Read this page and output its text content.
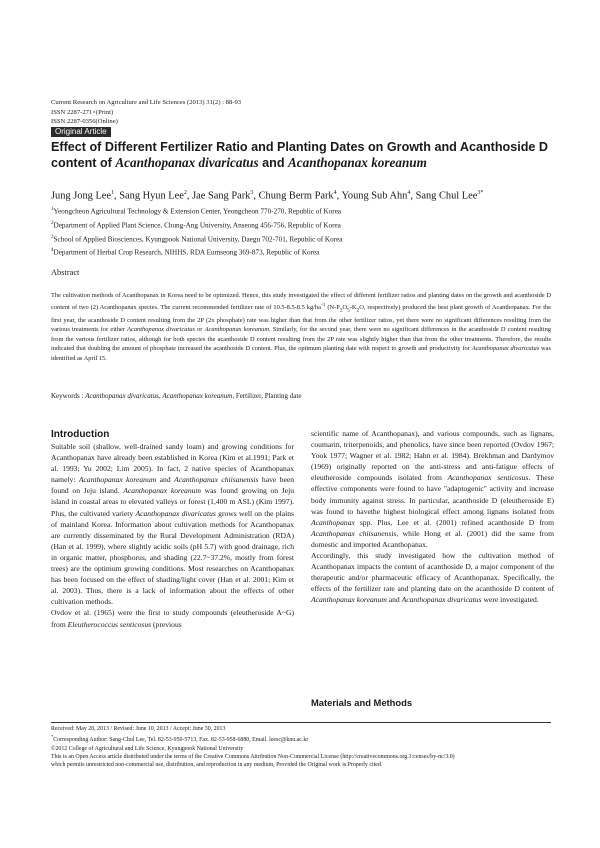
Current Research on Agriculture and Life Sciences (2013) 31(2) : 88-93
ISSN 2287-271×(Print)
ISSN 2287-0356(Online)
Original Article
Effect of Different Fertilizer Ratio and Planting Dates on Growth and Acanthoside D content of Acanthopanax divaricatus and Acanthopanax koreanum
Jung Jong Lee$^1$, Sang Hyun Lee$^2$, Jae Sang Park$^3$, Chung Berm Park$^4$, Young Sub Ahn$^4$, Sang Chul Lee$^{3*}$
$^1$Yeongcheon Agricultural Technology & Extension Center, Yeongcheon 770-270, Republic of Korea
$^2$Department of Applied Plant Science, Chung-Ang University, Anseong 456-756, Republic of Korea
$^3$School of Applied Biosciences, Kyungpook National University, Daegu 702-701, Republic of Korea
$^4$Department of Herbal Crop Research, NIHHS, RDA Eumseong 369-873, Republic of Korea
Abstract

The cultivation methods of Acanthopanax in Korea need to be optimized. Hence, this study investigated the effect of different fertilizer ratios and planting dates on the growth and acanthoside D content of two (2) Acanthopanax species. The current recommended fertilizer rate of 10.5-8.5-8.5 $kg/ha^{-1}$ ($N-P_2O_5-K_2O$, respectively) produced the best plant growth of Acanthopanax. For the first year, the acanthoside D content resulting from the 2P (2x phosphate) rate was higher than that from the other fertilizer ratios, yet there were no significant differences resulting from the various treatments for either Acanthopanax divaricatus or Acanthopanax koreanum. Similarly, for the second year, there were no significant differences in the acanthoside D content resulting from the various fertilizer ratios, although for both species the acanthoside D content resulting from the 2P rate was slightly higher than that from the other treatments. Therefore, the results indicated that doubling the amount of phosphate increased the acanthoside D content. Plus, the optimum planting date with respect to growth and productivity for Acanthopanax divaricatus was identified as April 15.

Keywords : Acanthopanax divaricatus, Acanthopanax koreanum, Fertilizer, Planting date
Introduction

Suitable soil (shallow, well-drained sandy loam) and growing conditions for Acanthopanax have already been established in Korea (Kim et al.1991; Park et al. 1993; Yu 2002; Lim 2005). In fact, 2 native species of Acanthopanax namely: Acanthopanax koreanum and Acanthopanax chiisanensis have been found on Jeju island. Acanthopanax koreanum was found growing on Jeju island in coastal areas to elevated valleys or forest (1,400 m ASL) (Kim 1997). Plus, the cultivated variety Acanthopanax divaricatus grows well on the plains of mainland Korea. Information about cultivation methods for Acanthopanax are currently disseminated by the Rural Development Administration (RDA) (Han et al. 1999), where slightly acidic soils (pH 5.7) with good drainage, rich in organic matter, phosphorus, and shading (22.7~37.2%, mostly from forest trees) are the optimum growing conditions. Most researches on Acanthopanax has been focused on the effect of shading/light cover (Han et al. 2001; Kim et al. 2003). Thus, there is a lack of information about the effects of other cultivation methods.

Ovdov et al. (1965) were the first to study compounds (eleutheroside A~G) from Eleutherococcus senticosus (previous

scientific name of Acanthopanax), and various compounds, such as lignans, coumarin, triterpenoids, and phenolics, have since been reported (Ovdov 1967; Yook 1977; Wagner et al. 1982; Hahn et al. 1984). Brekhman and Dardymov (1969) originally reported on the anti-stress and anti-fatigue effects of eleutheroside compounds isolated from Acanthopanax senticosus. These effective components were found to have "adaptogenic" activity and increase body immunity against stress. In particular, acanthoside D (eleutheroside E) was found to havethe highest biological effect among lignans isolated from Acanthopanax spp. Plus, Lee et al. (2001) refined acanthoside D from Acanthopanax chiisanensis, while Hong et al. (2001) did the same from domestic and imported Acanthopanax.

Accordingly, this study investigated how the cultivation method of Acanthopanax impacts the content of acanthoside D, a major component of the therapeutic and/or pharmaceutic efficacy of Acanthopanax. Specifically, the effects of the fertilizer rate and planting date on the acanthoside D content of Acanthopanax koreanum and Acanthopanax divaricatus were investigated.

Materials and Methods
Received: May 20, 2013 / Revised: June 10, 2013 / Accept: June 30, 2013
*Corresponding Author: Sang-Chul Lee, Tel. 82-53-950-5713, Fax. 82-53-958-6880, Email. leesc@knu.ac.kr
©2012 College of Agricultural and Life Science, Kyungpook National University
This is an Open Access article distributed under the terms of the Creative Commons Attribution Non-Commercial License (http://creativecommons.org.1:censes/by-nc/3.0)
which permits unrestricted non-commercial use, distribution, and reproduction in any medium, Provided the Original work is Properly cited.
